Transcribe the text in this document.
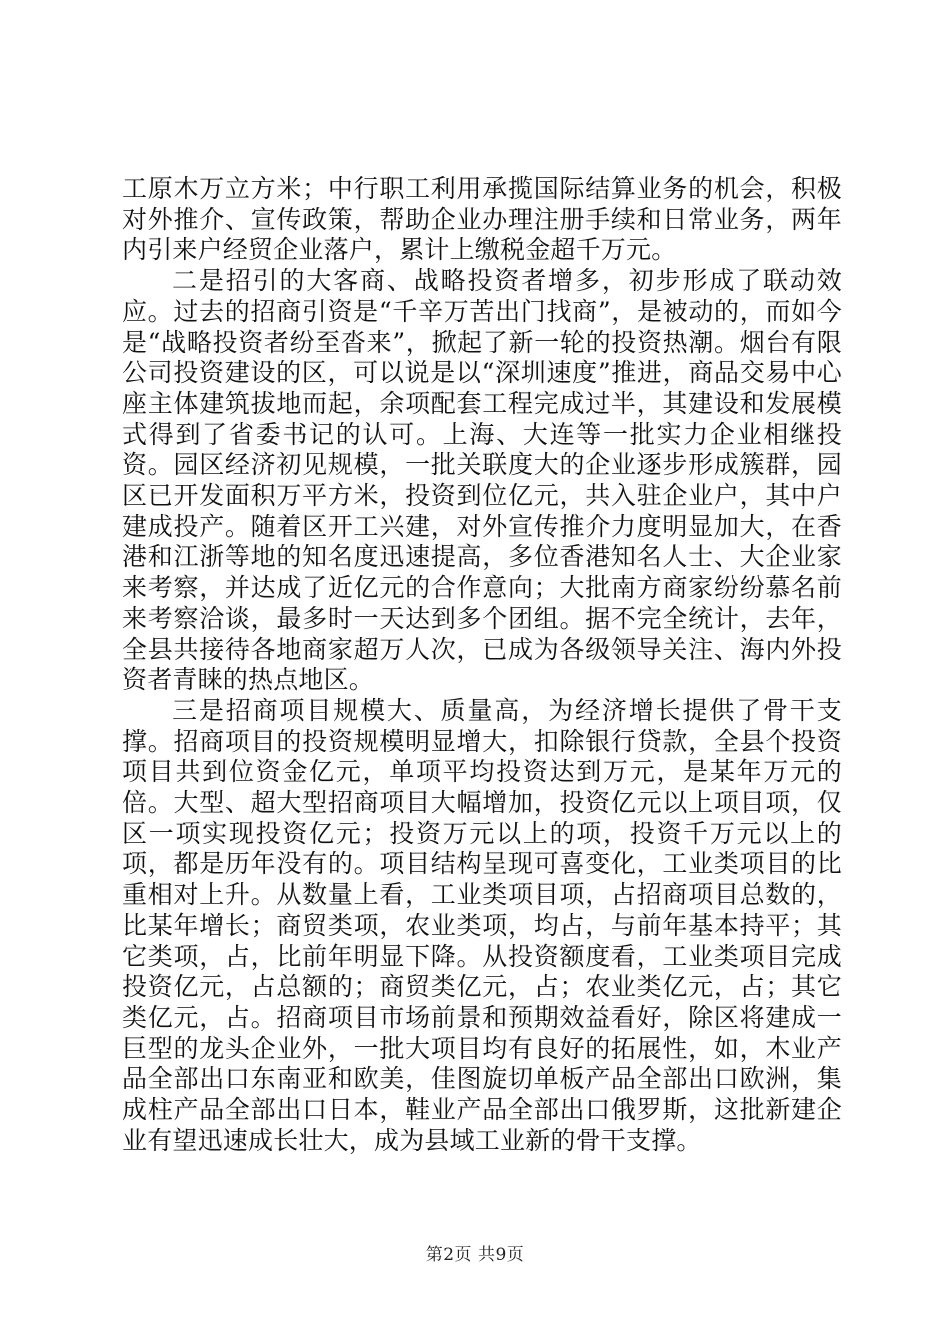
工原木万立方米；中行职工利用承揽国际结算业务的机会，积极对外推介、宣传政策，帮助企业办理注册手续和日常业务，两年内引来户经贸企业落户，累计上缴税金超千万元。

二是招引的大客商、战略投资者增多，初步形成了联动效应。过去的招商引资是“千辛万苦出门找商”，是被动的，而如今是“战略投资者纷至沓来”，掀起了新一轮的投资热潮。烟台有限公司投资建设的区，可以说是以“深圳速度”推进，商品交易中心座主体建筑拔地而起，余项配套工程完成过半，其建设和发展模式得到了省委书记的认可。上海、大连等一批实力企业相继投资。园区经济初见规模，一批关联度大的企业逐步形成簇群，园区已开发面积万平方米，投资到位亿元，共入驻企业户，其中户建成投产。随着区开工兴建，对外宣传推介力度明显加大，在香港和江浙等地的知名度迅速提高，多位香港知名人士、大企业家来考察，并达成了近亿元的合作意向；大批南方商家纷纷慕名前来考察洽谈，最多时一天达到多个团组。据不完全统计，去年，全县共接待各地商家超万人次，已成为各级领导关注、海内外投资者青睐的热点地区。

三是招商项目规模大、质量高，为经济增长提供了骨干支撑。招商项目的投资规模明显增大，扣除银行贷款，全县个投资项目共到位资金亿元，单项平均投资达到万元，是某年万元的倍。大型、超大型招商项目大幅增加，投资亿元以上项目项，仅区一项实现投资亿元；投资万元以上的项，投资千万元以上的项，都是历年没有的。项目结构呈现可喜变化，工业类项目的比重相对上升。从数量上看，工业类项目项，占招商项目总数的，比某年增长；商贸类项，农业类项，均占，与前年基本持平；其它类项，占，比前年明显下降。从投资额度看，工业类项目完成投资亿元，占总额的；商贸类亿元，占；农业类亿元，占；其它类亿元，占。招商项目市场前景和预期效益看好，除区将建成一巨型的龙头企业外，一批大项目均有良好的拓展性，如，木业产品全部出口东南亚和欧美，佳图旋切单板产品全部出口欧洲，集成柱产品全部出口日本，鞋业产品全部出口俄罗斯，这批新建企业有望迅速成长壮大，成为县域工业新的骨干支撑。

第2页 共9页
